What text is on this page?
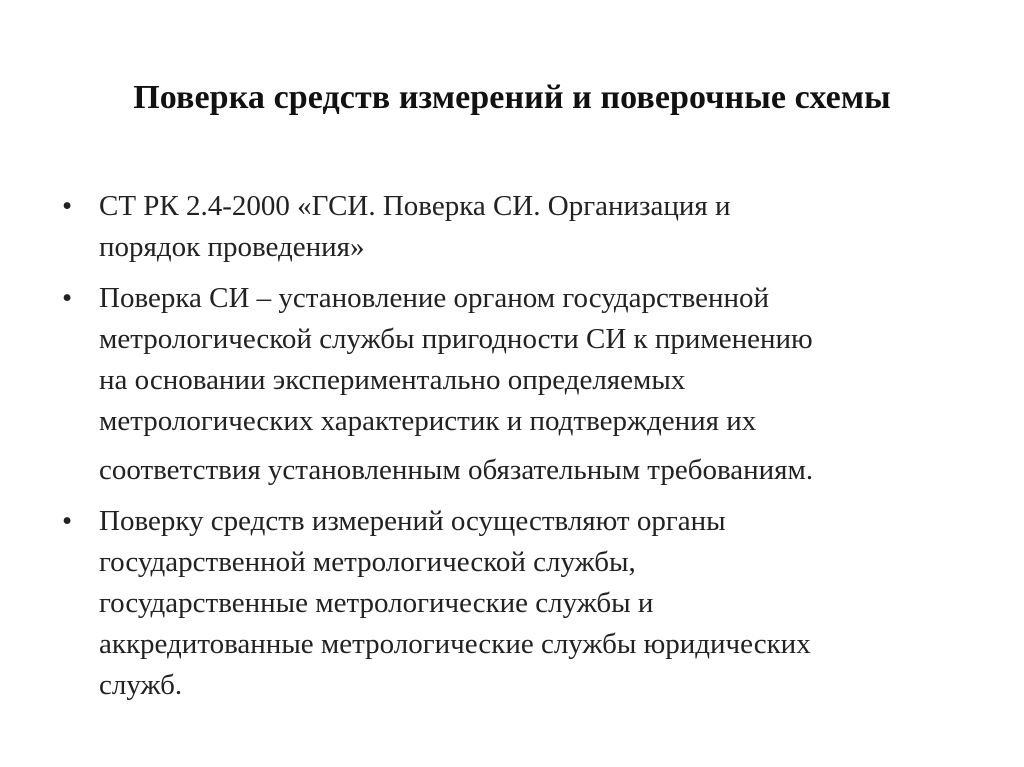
Поверка средств измерений и поверочные схемы
• СТ РК 2.4-2000 «ГСИ. Поверка СИ. Организация и
порядок проведения»
• Поверка СИ – установление органом государственной
метрологической службы пригодности СИ к применению
на основании экспериментально определяемых
метрологических характеристик и подтверждения их
соответствия установленным обязательным требованиям.
• Поверку средств измерений осуществляют органы
государственной метрологической службы,
государственные метрологические службы и
аккредитованные метрологические службы юридических
служб.
